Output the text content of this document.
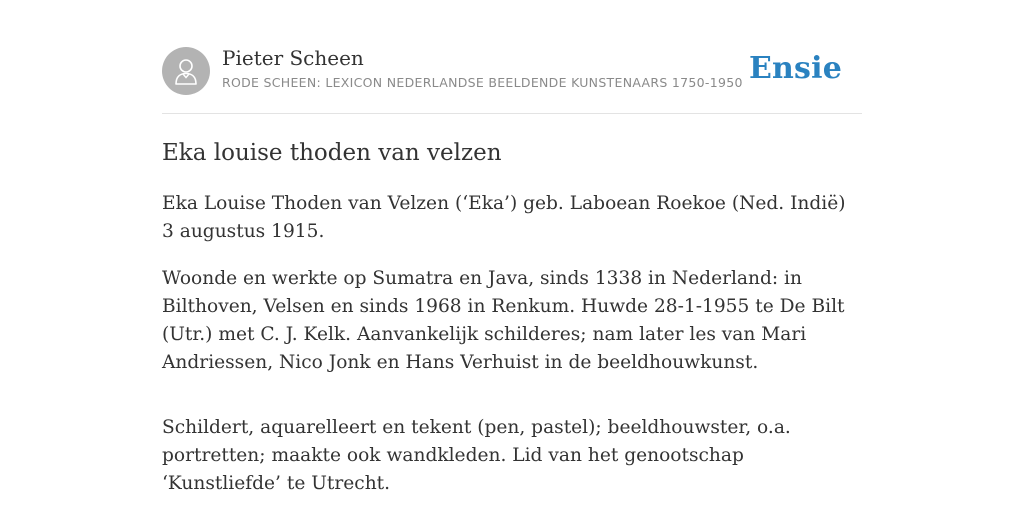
Pieter Scheen
RODE SCHEEN: LEXICON NEDERLANDSE BEELDENDE KUNSTENAARS 1750-1950 Ensie
Eka louise thoden van velzen

Eka Louise Thoden van Velzen (‘Eka’) geb. Laboean Roekoe (Ned. Indië) 3 augustus 1915.

Woonde en werkte op Sumatra en Java, sinds 1338 in Nederland: in Bilthoven, Velsen en sinds 1968 in Renkum. Huwde 28-1-1955 te De Bilt (Utr.) met C. J. Kelk. Aanvankelijk schilderes; nam later les van Mari Andriessen, Nico Jonk en Hans Verhuist in de beeldhouwkunst.

Schildert, aquarelleert en tekent (pen, pastel); beeldhouwster, o.a. portretten; maakte ook wandkleden. Lid van het genootschap ‘Kunstliefde’ te Utrecht.
